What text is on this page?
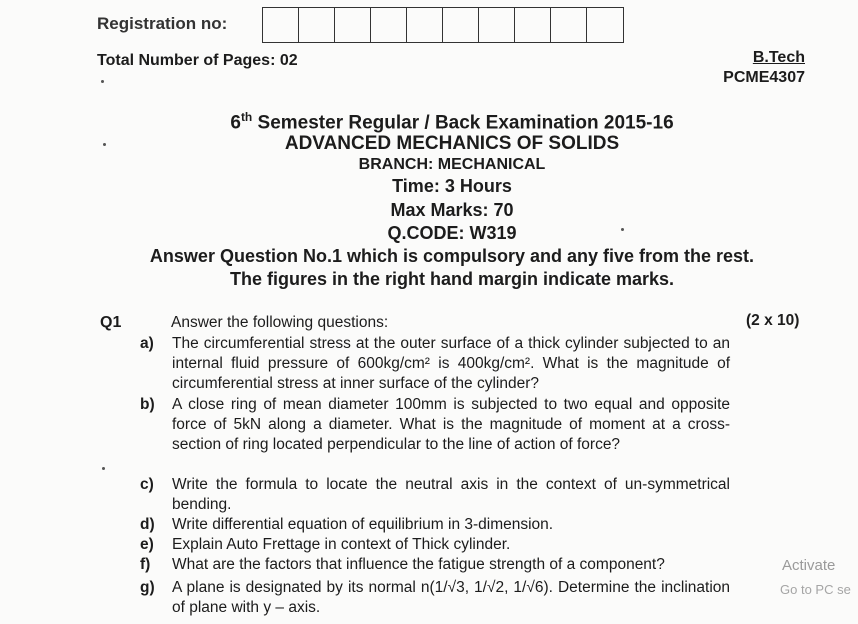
Registration no:
Total Number of Pages: 02	B.Tech
PCME4307
6th Semester Regular / Back Examination 2015-16
ADVANCED MECHANICS OF SOLIDS
BRANCH: MECHANICAL
Time: 3 Hours
Max Marks: 70
Q.CODE: W319
Answer Question No.1 which is compulsory and any five from the rest.
The figures in the right hand margin indicate marks.
Q1	Answer the following questions:	(2 x 10)
a) The circumferential stress at the outer surface of a thick cylinder subjected to an internal fluid pressure of 600kg/cm² is 400kg/cm². What is the magnitude of circumferential stress at inner surface of the cylinder?
b) A close ring of mean diameter 100mm is subjected to two equal and opposite force of 5kN along a diameter. What is the magnitude of moment at a cross-section of ring located perpendicular to the line of action of force?
c) Write the formula to locate the neutral axis in the context of un-symmetrical bending.
d) Write differential equation of equilibrium in 3-dimension.
e) Explain Auto Frettage in context of Thick cylinder.
f) What are the factors that influence the fatigue strength of a component?
g) A plane is designated by its normal n(1/√3, 1/√2, 1/√6). Determine the inclination of plane with y – axis.
Activate
Go to PC se
